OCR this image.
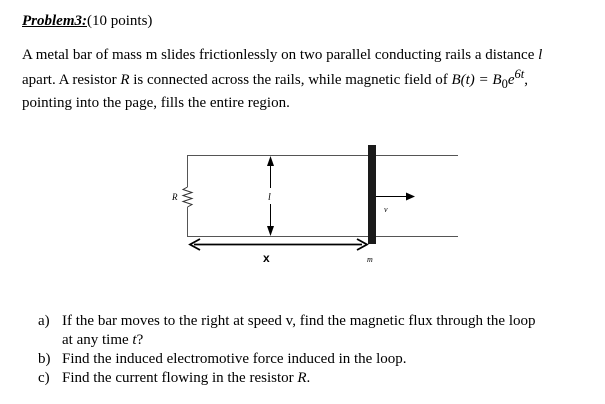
Problem3:(10 points)
A metal bar of mass m slides frictionlessly on two parallel conducting rails a distance l
apart. A resistor R is connected across the rails, while magnetic field of $B(t) = B_0e^{6t}$,
pointing into the page, fills the entire region.
R	l
v
x	m
a) If the bar moves to the right at speed v, find the magnetic flux through the loop
at any time t?
b) Find the induced electromotive force induced in the loop.
c) Find the current flowing in the resistor R.
